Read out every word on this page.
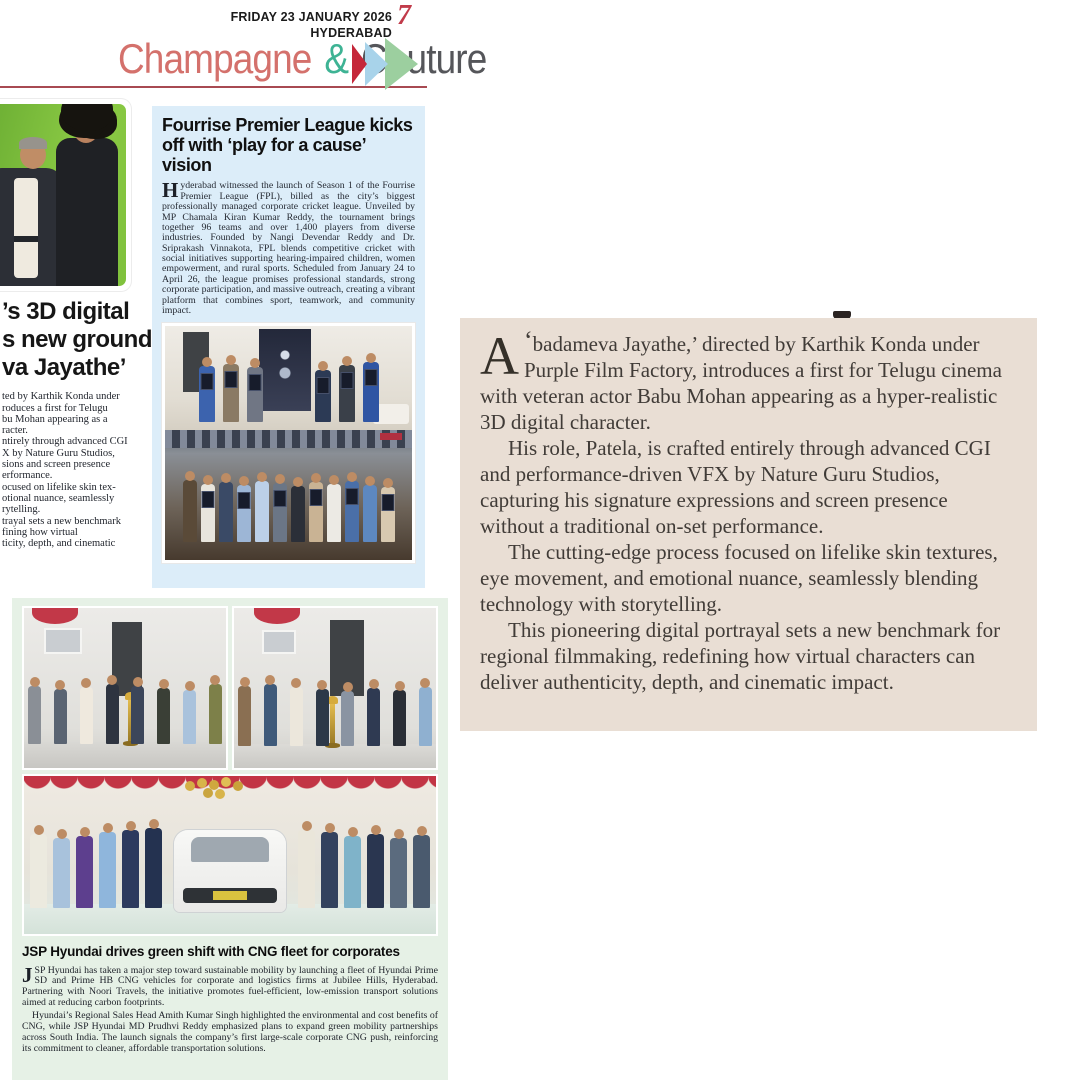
FRIDAY 23 JANUARY 2026
HYDERABAD
7
Champagne & Couture
Fourrise Premier League kicks
off with ‘play for a cause’ vision

Hyderabad witnessed the launch of Season 1 of the Fourrise Premier League (FPL), billed as the city’s biggest professionally managed corporate cricket league. Unveiled by MP Chamala Kiran Kumar Reddy, the tournament brings together 96 teams and over 1,400 players from diverse industries. Founded by Nangi Devendar Reddy and Dr. Sriprakash Vinnakota, FPL blends competitive cricket with social initiatives supporting hearing-impaired children, women empowerment, and rural sports. Scheduled from January 24 to April 26, the league promises professional standards, strong corporate participation, and massive outreach, creating a vibrant platform that combines sport, teamwork, and community impact.

’s 3D digital
s new ground
va Jayathe’
ted by Karthik Konda under
roduces a first for Telugu
bu Mohan appearing as a
racter.
ntirely through advanced CGI
X by Nature Guru Studios,
sions and screen presence
erformance.
ocused on lifelike skin tex-
otional nuance, seamlessly
rytelling.
trayal sets a new benchmark
fining how virtual
ticity, depth, and cinematic

‘
A badameva Jayathe,’ directed by Karthik Konda under Purple Film Factory, introduces a first for Telugu cinema with veteran actor Babu Mohan appearing as a hyper-realistic 3D digital character.

His role, Patela, is crafted entirely through advanced CGI and performance-driven VFX by Nature Guru Studios, capturing his signature expressions and screen presence without a traditional on-set performance.

The cutting-edge process focused on lifelike skin textures, eye movement, and emotional nuance, seamlessly blending technology with storytelling.

This pioneering digital portrayal sets a new benchmark for regional filmmaking, redefining how virtual characters can deliver authenticity, depth, and cinematic impact.

JSP Hyundai drives green shift with CNG fleet for corporates

JSP Hyundai has taken a major step toward sustainable mobility by launching a fleet of Hyundai Prime SD and Prime HB CNG vehicles for corporate and logistics firms at Jubilee Hills, Hyderabad. Partnering with Noori Travels, the initiative promotes fuel-efficient, low-emission transport solutions aimed at reducing carbon footprints.

Hyundai’s Regional Sales Head Amith Kumar Singh highlighted the environmental and cost benefits of CNG, while JSP Hyundai MD Prudhvi Reddy emphasized plans to expand green mobility partnerships across South India. The launch signals the company’s first large-scale corporate CNG push, reinforcing its commitment to cleaner, affordable transportation solutions.
